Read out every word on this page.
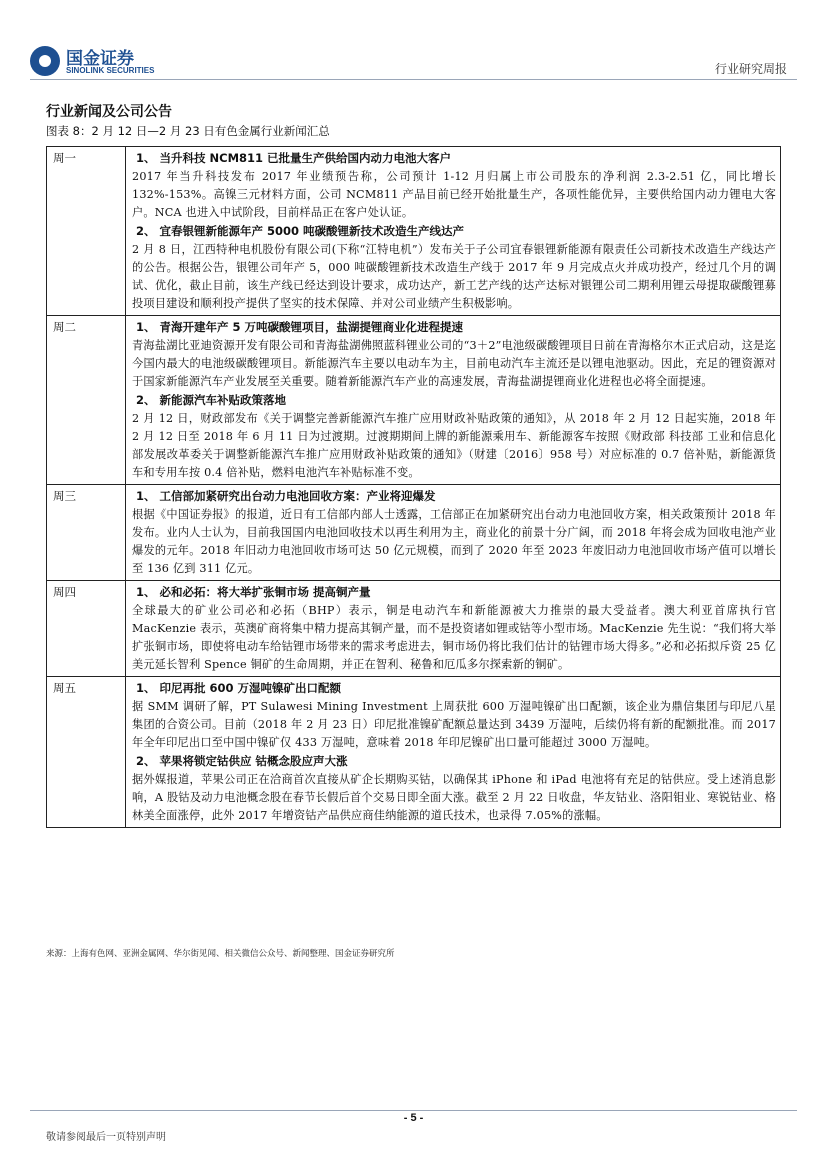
国金证券
SINOLINK SECURITIES	行业研究周报
行业新闻及公司公告
图表 8：2 月 12 日—2 月 23 日有色金属行业新闻汇总
周一	1、 当升科技 NCM811 已批量生产供给国内动力电池大客户
2017 年当升科技发布 2017 年业绩预告称，公司预计 1-12 月归属上市公司股东的净利润 2.3-2.51 亿，同比增长 132%-153%。高镍三元材料方面，公司 NCM811 产品目前已经开始批量生产，各项性能优异，主要供给国内动力锂电大客户。NCA 也进入中试阶段，目前样品正在客户处认证。
2、 宜春银锂新能源年产 5000 吨碳酸锂新技术改造生产线达产
2 月 8 日，江西特种电机股份有限公司(下称“江特电机”）发布关于子公司宜春银锂新能源有限责任公司新技术改造生产线达产的公告。根据公告，银锂公司年产 5，000 吨碳酸锂新技术改造生产线于 2017 年 9 月完成点火并成功投产，经过几个月的调试、优化，截止目前，该生产线已经达到设计要求，成功达产，新工艺产线的达产达标对银锂公司二期利用锂云母提取碳酸锂募投项目建设和顺利投产提供了坚实的技术保障、并对公司业绩产生积极影响。

周二	1、 青海开建年产 5 万吨碳酸锂项目，盐湖提锂商业化进程提速
青海盐湖比亚迪资源开发有限公司和青海盐湖佛照蓝科锂业公司的“3＋2”电池级碳酸锂项目日前在青海格尔木正式启动，这是迄今国内最大的电池级碳酸锂项目。新能源汽车主要以电动车为主，目前电动汽车主流还是以锂电池驱动。因此，充足的锂资源对于国家新能源汽车产业发展至关重要。随着新能源汽车产业的高速发展，青海盐湖提锂商业化进程也必将全面提速。
2、 新能源汽车补贴政策落地
2 月 12 日，财政部发布《关于调整完善新能源汽车推广应用财政补贴政策的通知》，从 2018 年 2 月 12 日起实施，2018 年 2 月 12 日至 2018 年 6 月 11 日为过渡期。过渡期期间上牌的新能源乘用车、新能源客车按照《财政部 科技部 工业和信息化部发展改革委关于调整新能源汽车推广应用财政补贴政策的通知》（财建〔2016〕958 号）对应标准的 0.7 倍补贴，新能源货车和专用车按 0.4 倍补贴，燃料电池汽车补贴标准不变。

周三	1、 工信部加紧研究出台动力电池回收方案：产业将迎爆发
根据《中国证券报》的报道，近日有工信部内部人士透露，工信部正在加紧研究出台动力电池回收方案，相关政策预计 2018 年发布。业内人士认为，目前我国国内电池回收技术以再生利用为主，商业化的前景十分广阔，而 2018 年将会成为回收电池产业爆发的元年。2018 年旧动力电池回收市场可达 50 亿元规模，而到了 2020 年至 2023 年废旧动力电池回收市场产值可以增长至 136 亿到 311 亿元。

周四	1、 必和必拓：将大举扩张铜市场 提高铜产量
全球最大的矿业公司必和必拓（BHP）表示，铜是电动汽车和新能源被大力推崇的最大受益者。澳大利亚首席执行官 MacKenzie 表示，英澳矿商将集中精力提高其铜产量，而不是投资诸如锂或钴等小型市场。MacKenzie 先生说：“我们将大举扩张铜市场，即使将电动车给钴锂市场带来的需求考虑进去，铜市场仍将比我们估计的钴锂市场大得多。”必和必拓拟斥资 25 亿美元延长智利 Spence 铜矿的生命周期，并正在智利、秘鲁和厄瓜多尔探索新的铜矿。

周五	1、 印尼再批 600 万湿吨镍矿出口配额
据 SMM 调研了解，PT Sulawesi Mining Investment 上周获批 600 万湿吨镍矿出口配额，该企业为鼎信集团与印尼八星集团的合资公司。目前（2018 年 2 月 23 日）印尼批准镍矿配额总量达到 3439 万湿吨，后续仍将有新的配额批准。而 2017 年全年印尼出口至中国中镍矿仅 433 万湿吨，意味着 2018 年印尼镍矿出口量可能超过 3000 万湿吨。
2、 苹果将锁定钴供应 钴概念股应声大涨
据外媒报道，苹果公司正在洽商首次直接从矿企长期购买钴，以确保其 iPhone 和 iPad 电池将有充足的钴供应。受上述消息影响，A 股钴及动力电池概念股在春节长假后首个交易日即全面大涨。截至 2 月 22 日收盘，华友钴业、洛阳钼业、寒锐钴业、格林美全面涨停，此外 2017 年增资钴产品供应商佳纳能源的道氏技术，也录得 7.05%的涨幅。
来源：上海有色网、亚洲金属网、华尔街见闻、相关微信公众号、新闻整理、国金证券研究所
- 5 -
敬请参阅最后一页特别声明
